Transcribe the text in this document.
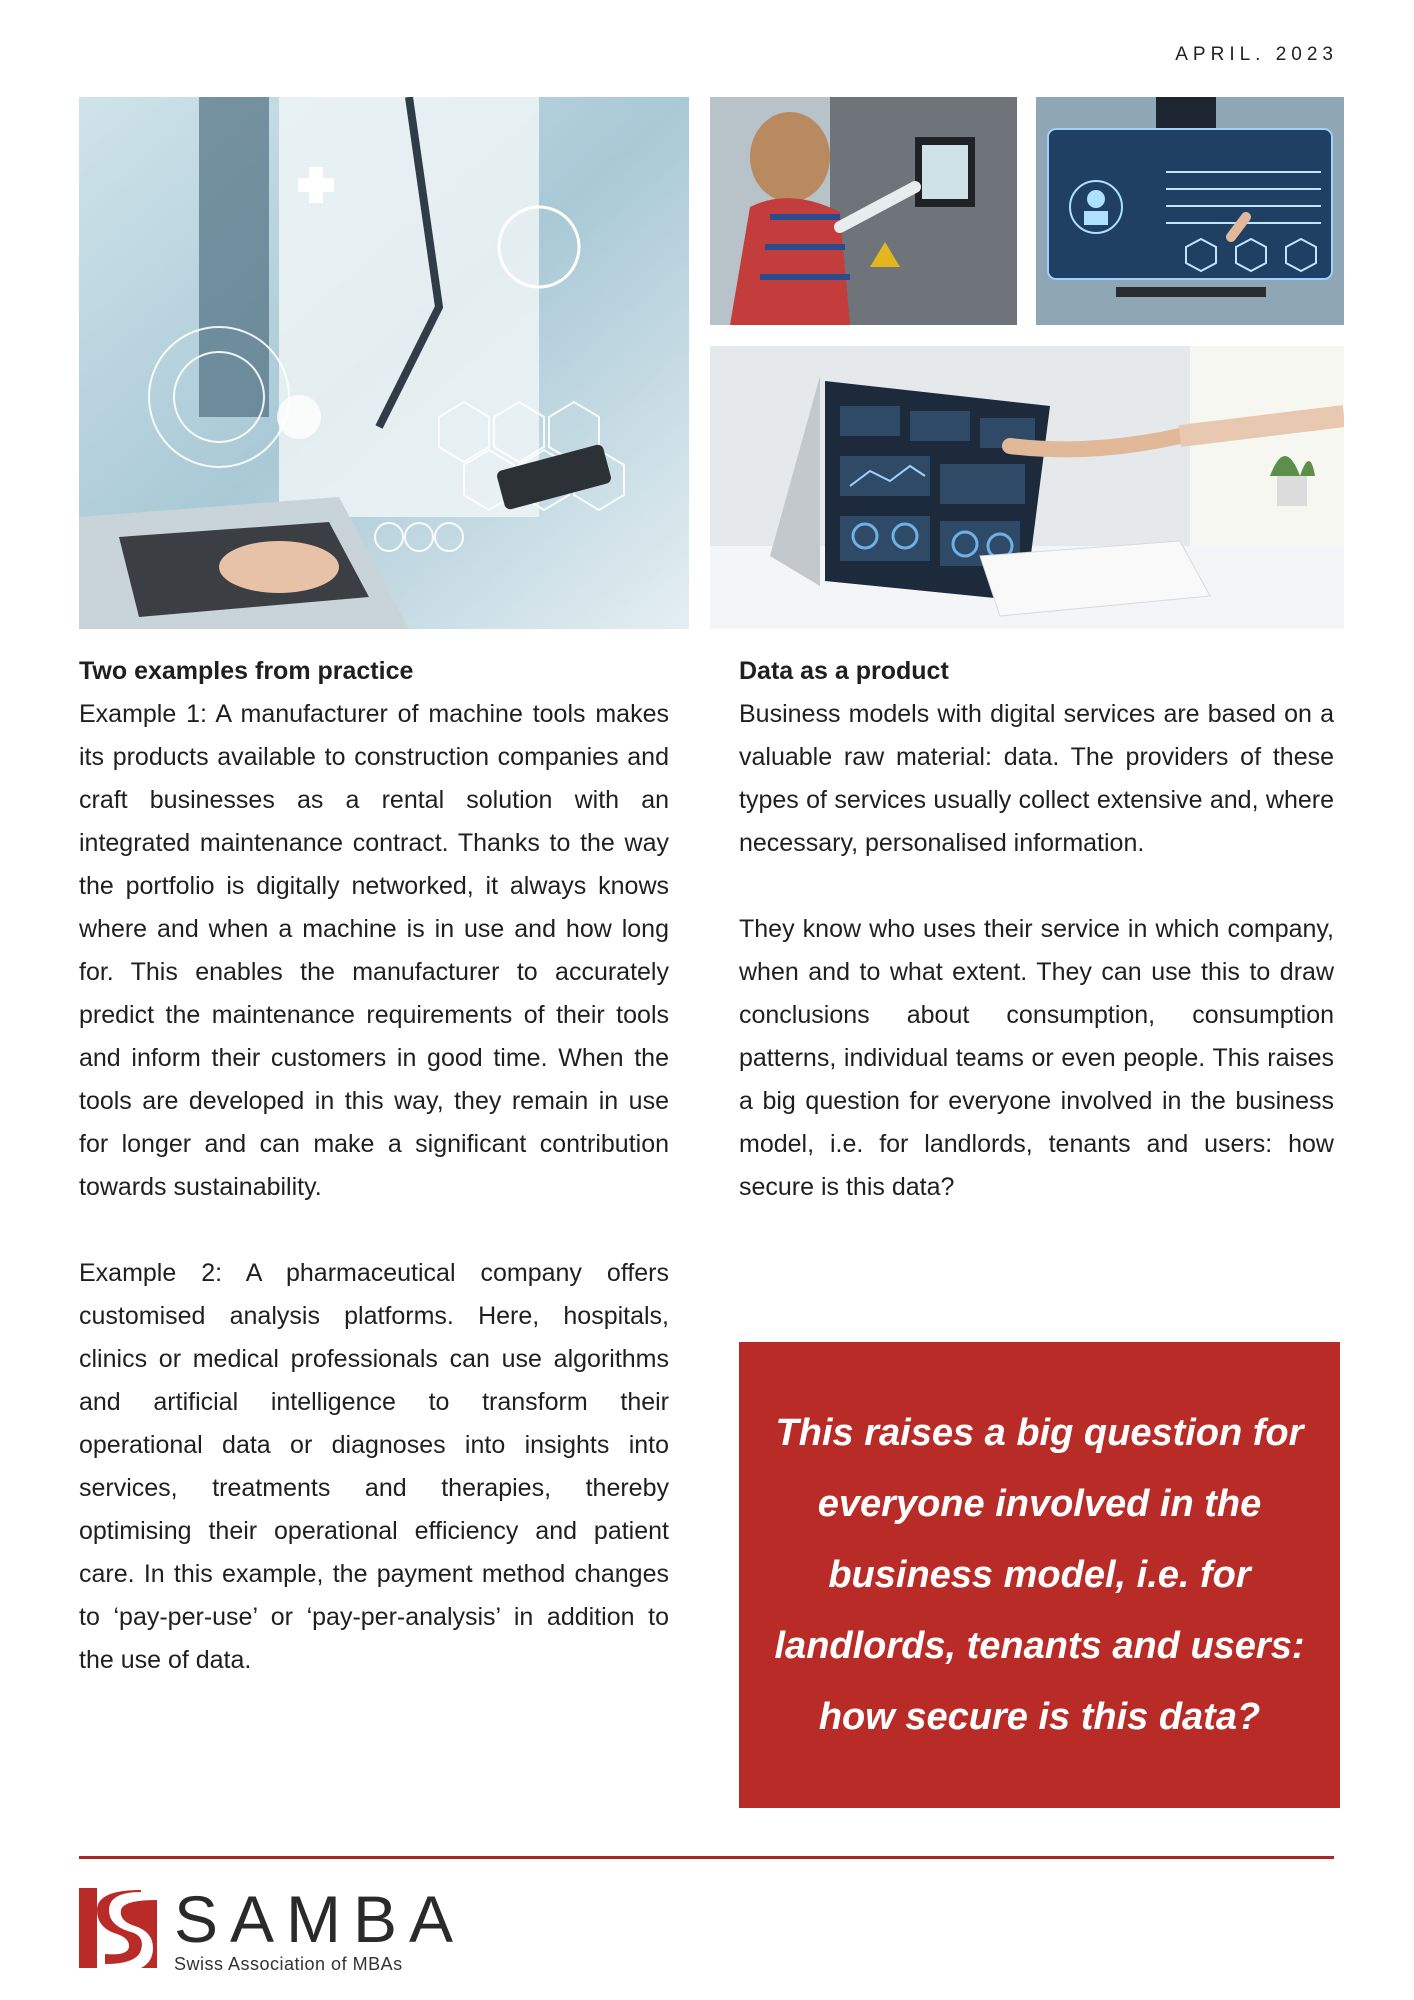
APRIL. 2023
Two examples from practice

Example 1: A manufacturer of machine tools makes its products available to construction companies and craft businesses as a rental solution with an integrated maintenance contract. Thanks to the way the portfolio is digitally networked, it always knows where and when a machine is in use and how long for. This enables the manufacturer to accurately predict the maintenance requirements of their tools and inform their customers in good time. When the tools are developed in this way, they remain in use for longer and can make a significant contribution towards sustainability.

Example 2: A pharmaceutical company offers customised analysis platforms. Here, hospitals, clinics or medical professionals can use algorithms and artificial intelligence to transform their operational data or diagnoses into insights into services, treatments and therapies, thereby optimising their operational efficiency and patient care. In this example, the payment method changes to ‘pay-per-use’ or ‘pay-per-analysis’ in addition to the use of data.

Data as a product

Business models with digital services are based on a valuable raw material: data. The providers of these types of services usually collect extensive and, where necessary, personalised information.

They know who uses their service in which company, when and to what extent. They can use this to draw conclusions about consumption, consumption patterns, individual teams or even people. This raises a big question for everyone involved in the business model, i.e. for landlords, tenants and users: how secure is this data?

This raises a big question for everyone involved in the business model, i.e. for landlords, tenants and users: how secure is this data?

SAMBA
Swiss Association of MBAs
